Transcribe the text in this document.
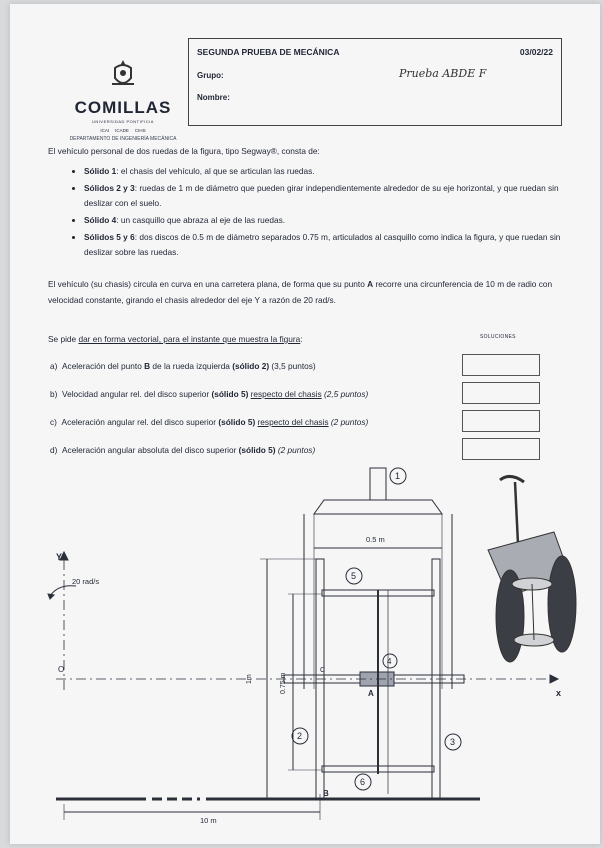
COMILLAS
UNIVERSIDAD PONTIFICIA
ICAI ICADE CIHS
DEPARTAMENTO DE INGENIERÍA MECÁNICA
SEGUNDA PRUEBA DE MECÁNICA	03/02/22
Grupo:	Prueba ABDE F
Nombre:
El vehículo personal de dos ruedas de la figura, tipo Segway®, consta de:
• Sólido 1: el chasis del vehículo, al que se articulan las ruedas.
• Sólidos 2 y 3: ruedas de 1 m de diámetro que pueden girar independientemente alrededor de su eje horizontal, y que ruedan sin deslizar con el suelo.
• Sólido 4: un casquillo que abraza al eje de las ruedas.
• Sólidos 5 y 6: dos discos de 0.5 m de diámetro separados 0.75 m, articulados al casquillo como indica la figura, y que ruedan sin deslizar sobre las ruedas.
El vehículo (su chasis) circula en curva en una carretera plana, de forma que su punto A recorre una circunferencia de 10 m de radio con velocidad constante, girando el chasis alrededor del eje Y a razón de 20 rad/s.
Se pide dar en forma vectorial, para el instante que muestra la figura:	SOLUCIONES
a) Aceleración del punto B de la rueda izquierda (sólido 2) (3,5 puntos)
b) Velocidad angular rel. del disco superior (sólido 5) respecto del chasis (2,5 puntos)
c) Aceleración angular rel. del disco superior (sólido 5) respecto del chasis (2 puntos)
d) Aceleración angular absoluta del disco superior (sólido 5) (2 puntos)
1
5
4
2
3
6
0.5 m
1m	0.75 m
10 m
Y
x
20 rad/s
O	C
A
B
